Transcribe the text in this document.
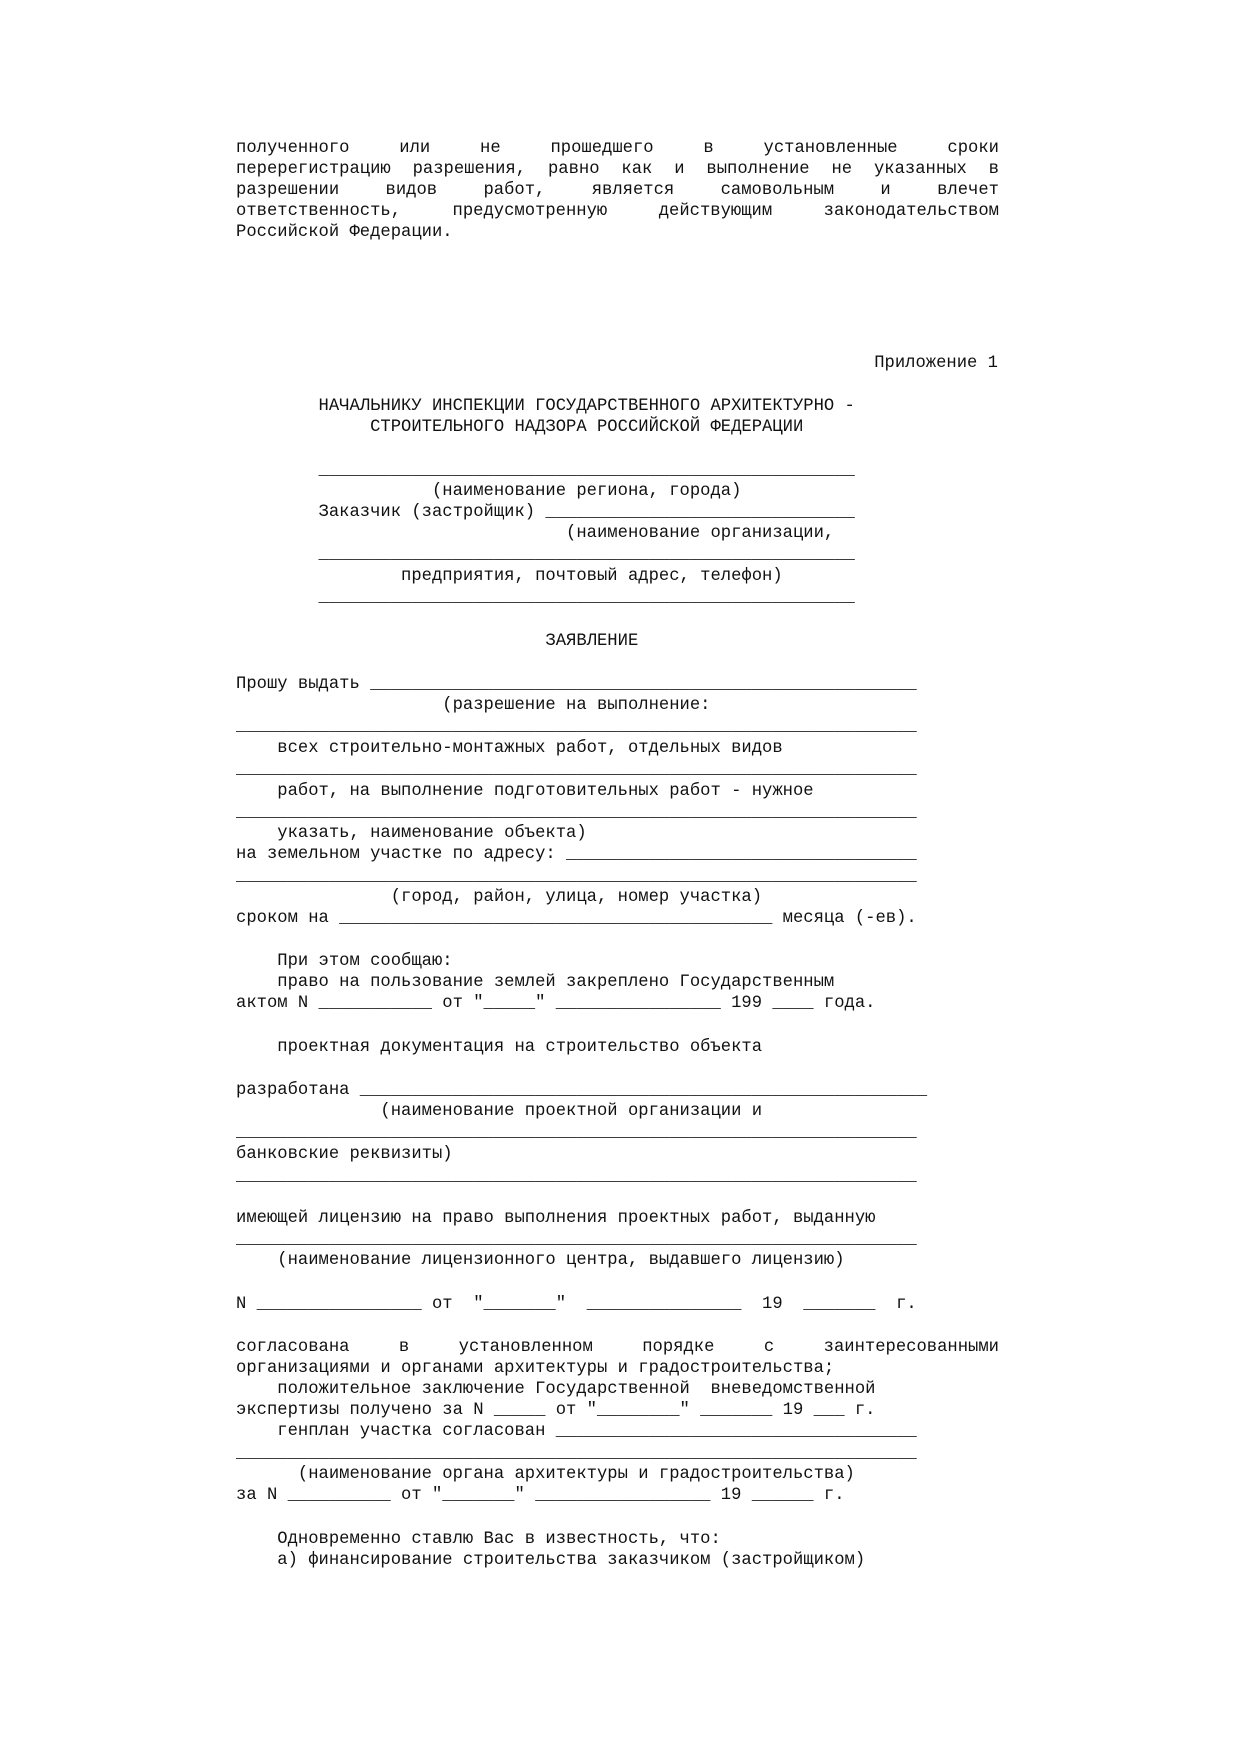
полученного или не прошедшего в установленные сроки
перерегистрацию разрешения, равно как и выполнение не указанных в
разрешении видов работ, является самовольным и влечет
ответственность, предусмотренную действующим законодательством
Российской Федерации.
Приложение 1
НАЧАЛЬНИКУ ИНСПЕКЦИИ ГОСУДАРСТВЕННОГО АРХИТЕКТУРНО -
СТРОИТЕЛЬНОГО НАДЗОРА РОССИЙСКОЙ ФЕДЕРАЦИИ
____________________________________________________
(наименование региона, города)
Заказчик (застройщик) ______________________________
(наименование организации,
____________________________________________________
предприятия, почтовый адрес, телефон)
____________________________________________________
ЗАЯВЛЕНИЕ
Прошу выдать _____________________________________________________
(разрешение на выполнение:
__________________________________________________________________
всех строительно-монтажных работ, отдельных видов
__________________________________________________________________
работ, на выполнение подготовительных работ - нужное
__________________________________________________________________
указать, наименование объекта)
на земельном участке по адресу: __________________________________
__________________________________________________________________
(город, район, улица, номер участка)
сроком на __________________________________________ месяца (-ев).
При этом сообщаю:
право на пользование землей закреплено Государственным
актом N ___________ от "_____" ________________ 199 ____ года.
проектная документация на строительство объекта
разработана _______________________________________________________
(наименование проектной организации и
__________________________________________________________________
банковские реквизиты)
__________________________________________________________________
имеющей лицензию на право выполнения проектных работ, выданную
__________________________________________________________________
(наименование лицензионного центра, выдавшего лицензию)
N ________________ от  "_______"  _______________  19  _______  г.
согласована в установленном порядке с заинтересованными
организациями и органами архитектуры и градостроительства;
положительное заключение Государственной  вневедомственной
экспертизы получено за N _____ от "________" _______ 19 ___ г.
генплан участка согласован ___________________________________
__________________________________________________________________
(наименование органа архитектуры и градостроительства)
за N __________ от "_______" _________________ 19 ______ г.
Одновременно ставлю Вас в известность, что:
а) финансирование строительства заказчиком (застройщиком)
